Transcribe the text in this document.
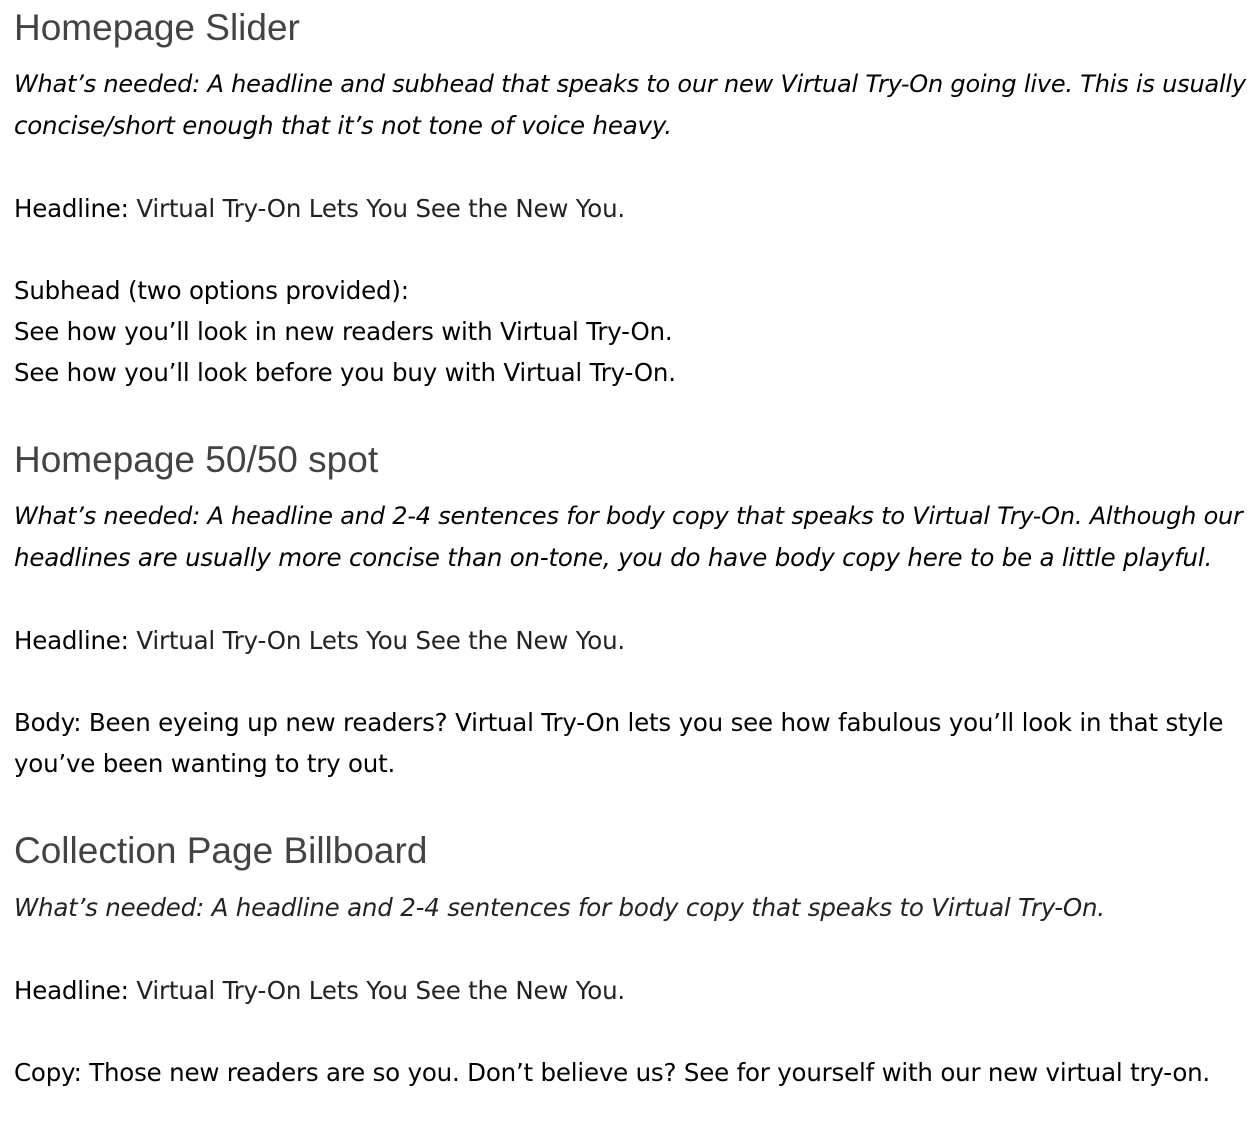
Homepage Slider

What’s needed: A headline and subhead that speaks to our new Virtual Try-On going live. This is usually

concise/short enough that it’s not tone of voice heavy.

Headline: Virtual Try-On Lets You See the New You.

Subhead (two options provided):

See how you’ll look in new readers with Virtual Try-On.

See how you’ll look before you buy with Virtual Try-On.

Homepage 50/50 spot

What’s needed: A headline and 2-4 sentences for body copy that speaks to Virtual Try-On. Although our

headlines are usually more concise than on-tone, you do have body copy here to be a little playful.

Headline: Virtual Try-On Lets You See the New You.

Body: Been eyeing up new readers? Virtual Try-On lets you see how fabulous you’ll look in that style

you’ve been wanting to try out.

Collection Page Billboard

What’s needed: A headline and 2-4 sentences for body copy that speaks to Virtual Try-On.

Headline: Virtual Try-On Lets You See the New You.

Copy: Those new readers are so you. Don’t believe us? See for yourself with our new virtual try-on.
